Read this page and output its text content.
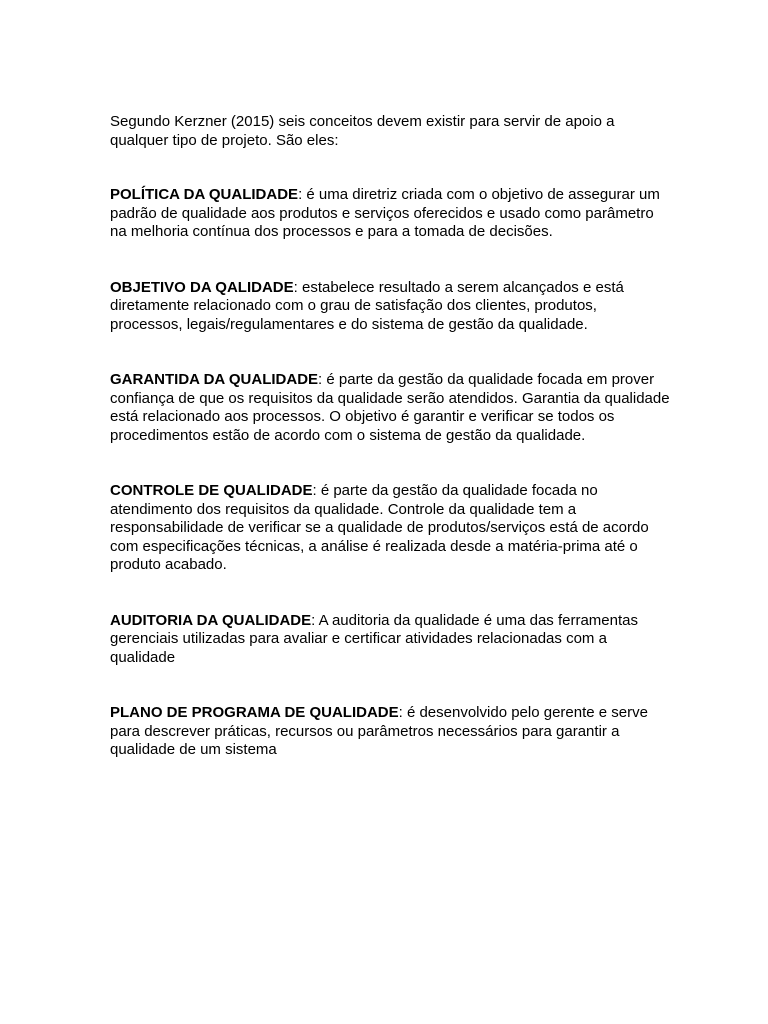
Segundo Kerzner (2015) seis conceitos devem existir para servir de apoio a qualquer tipo de projeto. São eles:

POLÍTICA DA QUALIDADE: é uma diretriz criada com o objetivo de assegurar um padrão de qualidade aos produtos e serviços oferecidos e usado como parâmetro na melhoria contínua dos processos e para a tomada de decisões.

OBJETIVO DA QALIDADE: estabelece resultado a serem alcançados e está diretamente relacionado com o grau de satisfação dos clientes, produtos, processos, legais/regulamentares e do sistema de gestão da qualidade.

GARANTIDA DA QUALIDADE: é parte da gestão da qualidade focada em prover confiança de que os requisitos da qualidade serão atendidos. Garantia da qualidade está relacionado aos processos. O objetivo é garantir e verificar se todos os procedimentos estão de acordo com o sistema de gestão da qualidade.

CONTROLE DE QUALIDADE: é parte da gestão da qualidade focada no atendimento dos requisitos da qualidade. Controle da qualidade tem a responsabilidade de verificar se a qualidade de produtos/serviços está de acordo com especificações técnicas, a análise é realizada desde a matéria-prima até o produto acabado.

AUDITORIA DA QUALIDADE: A auditoria da qualidade é uma das ferramentas gerenciais utilizadas para avaliar e certificar atividades relacionadas com a qualidade

PLANO DE PROGRAMA DE QUALIDADE: é desenvolvido pelo gerente e serve para descrever práticas, recursos ou parâmetros necessários para garantir a qualidade de um sistema
